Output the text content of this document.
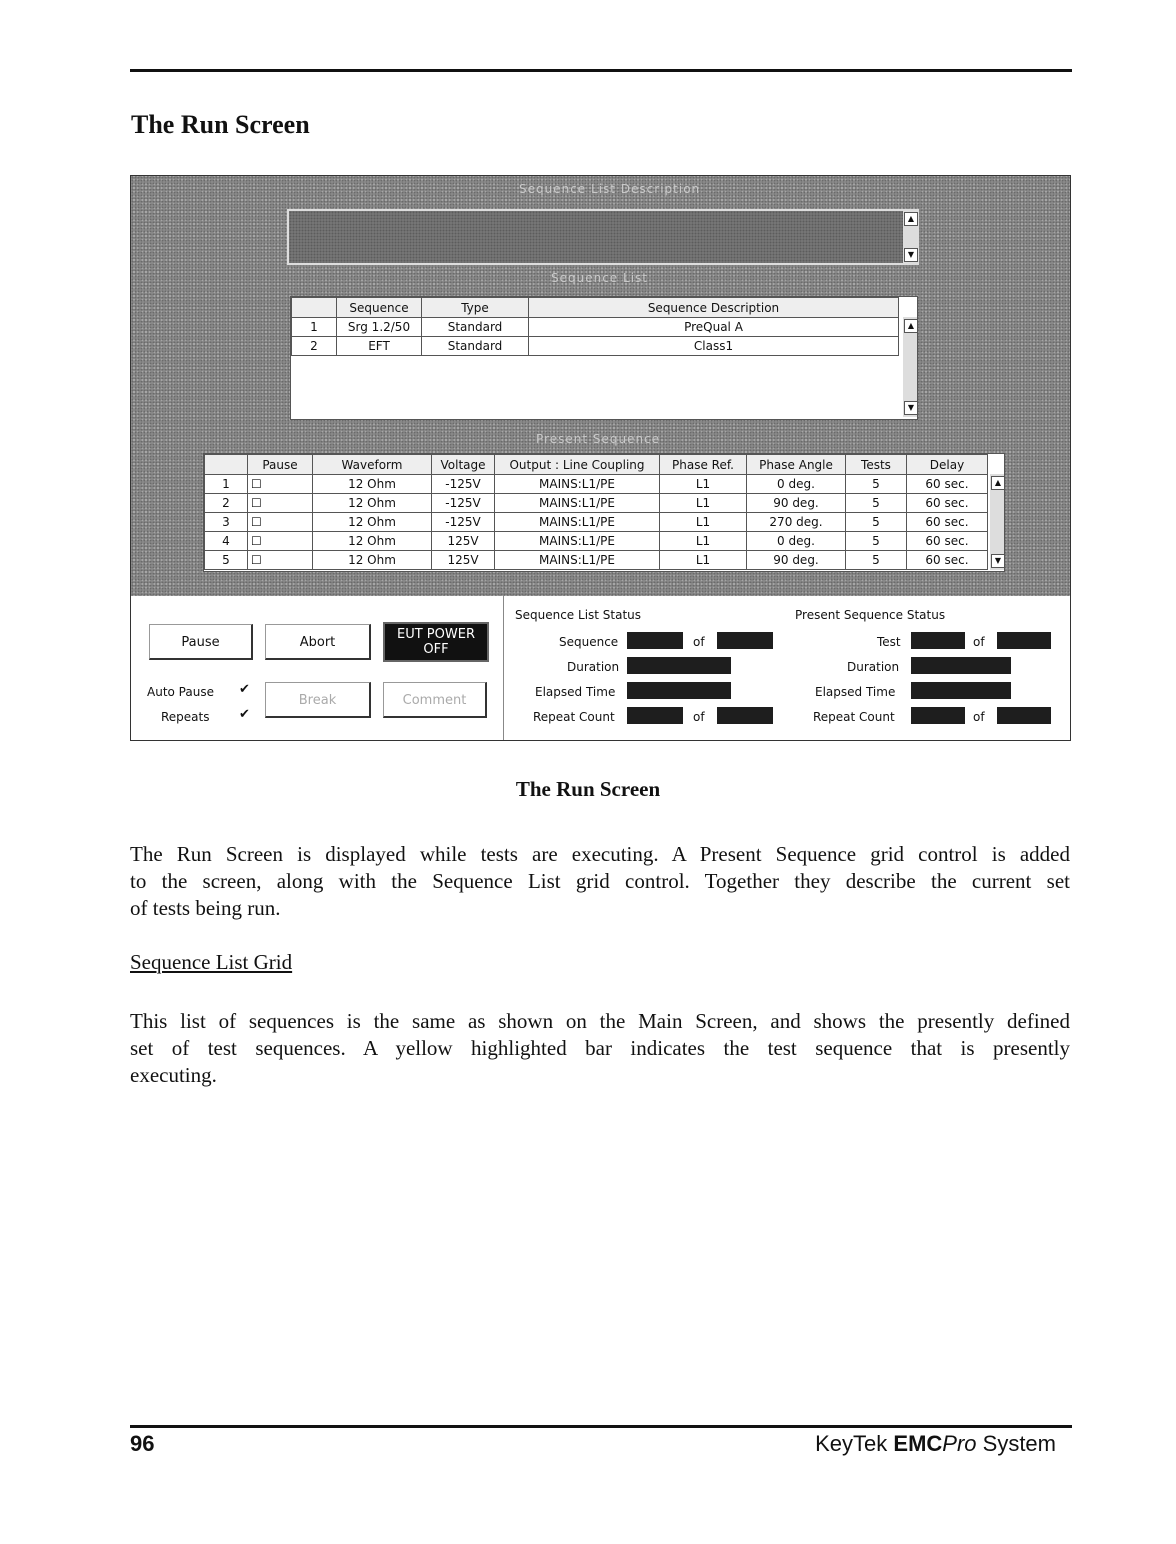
The Run Screen
Sequence List Description
▲
▼
Sequence List
	Sequence	Type	Sequence Description
1	Srg 1.2/50	Standard	PreQual A
2	EFT	Standard	Class1
▲
▼
Present Sequence
	Pause	Waveform	Voltage	Output : Line Coupling	Phase Ref.	Phase Angle	Tests	Delay
1	☐	12 Ohm	-125V	MAINS:L1/PE	L1	0 deg.	5	60 sec.
2	☐	12 Ohm	-125V	MAINS:L1/PE	L1	90 deg.	5	60 sec.
3	☐	12 Ohm	-125V	MAINS:L1/PE	L1	270 deg.	5	60 sec.
4	☐	12 Ohm	125V	MAINS:L1/PE	L1	0 deg.	5	60 sec.
5	☐	12 Ohm	125V	MAINS:L1/PE	L1	90 deg.	5	60 sec.
▲
▼
Pause	Abort
EUT POWER
OFF
Auto Pause ✔
Repeats ✔
Break	Comment
Sequence List Status
Sequence	of
Duration
Elapsed Time
Repeat Count	of
Present Sequence Status
Test	of
Duration
Elapsed Time
Repeat Count	of
The Run Screen
The Run Screen is displayed while tests are executing. A Present Sequence grid control is added
to the screen, along with the Sequence List grid control. Together they describe the current set
of tests being run.
Sequence List Grid
This list of sequences is the same as shown on the Main Screen, and shows the presently defined
set of test sequences. A yellow highlighted bar indicates the test sequence that is presently
executing.
96	KeyTek EMCPro System
